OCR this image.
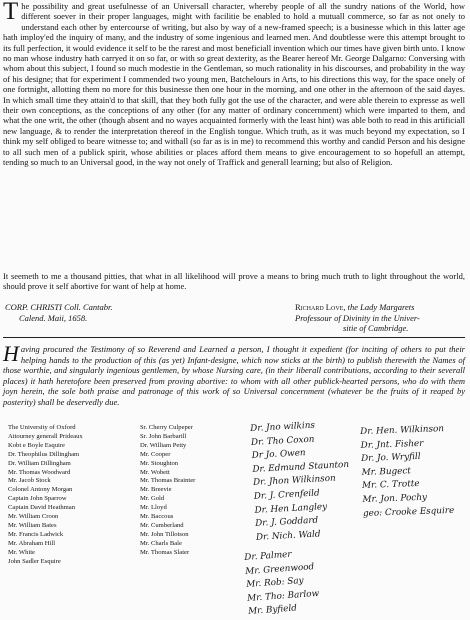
The possibility and great usefulnesse of an Universall character, whereby people of all the sundry nations of the World, how different soever in their proper languages, might with facilitie be enabled to hold a mutuall commerce, so far as not onely to understand each other by entercourse of writing, but also by way of a new-framed speech; is a businesse which in this latter age hath imploy'ed the inquiry of many, and the industry of some ingenious and learned men. And doubtlesse were this attempt brought to its full perfection, it would evidence it self to be the rarest and most beneficiall invention which our times have given birth unto. I know no man whose industry hath carryed it on so far, or with so great dexterity, as the Bearer hereof Mr. George Dalgarno: Conversing with whom about this subject, I found so much modestie in the Gentleman, so much rationality in his discourses, and probability in the way of his designe; that for experiment I commended two young men, Batchelours in Arts, to his directions this way, for the space onely of one fortnight, allotting them no more for this businesse then one hour in the morning, and one other in the afternoon of the said dayes. In which small time they attain'd to that skill, that they both fully got the use of the character, and were able therein to expresse as well their own conceptions, as the conceptions of any other (for any matter of ordinary concernment) which were imparted to them, and what the one writ, the other (though absent and no wayes acquainted formerly with the least hint) was able both to read in this artificiall new language, & to render the interpretation thereof in the English tongue. Which truth, as it was much beyond my expectation, so I think my self obliged to beare witnesse to; and withall (so far as is in me) to recommend this worthy and candid Person and his designe to all such men of a publick spirit, whose abilities or places afford them means to give encouragement to so hopefull an attempt, tending so much to an Universal good, in the way not onely of Traffick and generall learning; but also of Religion.

It seemeth to me a thousand pitties, that what in all likelihood will prove a means to bring much truth to light throughout the world, should prove it self abortive for want of help at home.

CORP. CHRISTI Coll. Cantabr.
Calend. Maii, 1658.
Richard Love, the Lady Margarets
Professour of Divinity in the Univer-
sitie of Cambridge.

Having procured the Testimony of so Reverend and Learned a person, I thought it expedient (for inciting of others to put their helping hands to the production of this (as yet) Infant-designe, which now sticks at the birth) to publish therewith the Names of those worthie, and singularly ingenious gentlemen, by whose Nursing care, (in their liberall contributions, according to their severall places) it hath heretofore been preserved from proving abortive: to whom with all other publick-hearted persons, who do with them joyn herein, the sole both praise and patronage of this work of so Universal concernment (whatever be the fruits of it reaped by posterity) shall be deservedly due.

The University of Oxford
Attourney generall Prideaux
Kobt e Boyle Esquire
Dr. Theophilus Dillingham
Dr. William Dillingham
Mr. Thomas Woodward
Mr. Jacob Stock
Colonel Antony Morgan
Captain John Sparrow
Captain David Heathman
Mr. William Croon
Mr. William Bates
Mr. Francis Ladwick
Mr. Abraham Hill
Mr. White
John Sadler Esquire
Sr. Cherry Culpeper
Sr. John Barbarill
Dr. William Petty
Mr. Cooper
Mr. Stoughton
Mr. Wobett
Mr. Thomas Brainter
Mr. Breevie
Mr. Gold
Mr. Lloyd
Mr. Baccous
Mr. Cumberland
Mr. John Tillotson
Mr. Charls Bale
Mr. Thomas Slater
Dr. Jno wilkins
Dr. Tho Coxon
Dr Jo. Owen
Dr. Edmund Staunton
Dr. Jhon Wilkinson
Dr. J. Crenfeild
Dr. Hen Langley
Dr. J. Goddard
Dr. Nich. Wald
Dr. Hen. Wilkinson
Dr. Jnt. Fisher
Dr. Jo. Wryfill
Mr. Bugect
Mr. C. Trotte
Mr. Jon. Pochy
geo: Crooke Esquire
Dr. Palmer
Mr. Greenwood
Mr. Rob: Say
Mr. Tho: Barlow
Mr. Byfield
